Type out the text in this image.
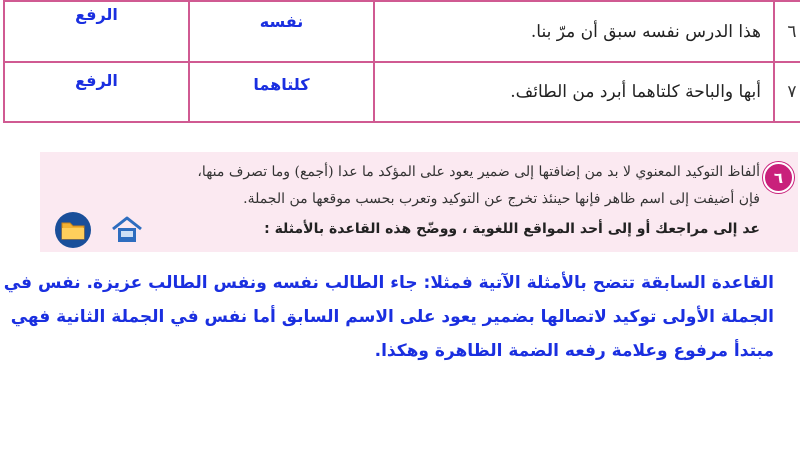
٦	هذا الدرس نفسه سبق أن مرّ بنا.	نفسه	الرفع
٧	أبها والباحة كلتاهما أبرد من الطائف.	كلتاهما	الرفع
٦
ألفاظ التوكيد المعنوي لا بد من إضافتها إلى ضمير يعود على المؤكد ما عدا (أجمع) وما تصرف منها،
فإن أضيفت إلى اسم ظاهر فإنها حينئذ تخرج عن التوكيد وتعرب بحسب موقعها من الجملة.
عد إلى مراجعك أو إلى أحد المواقع اللغوية ، ووضّح هذه القاعدة بالأمثلة :
القاعدة السابقة تتضح بالأمثلة الآتية فمثلا: جاء الطالب نفسه ونفس الطالب عزيزة. نفس في
الجملة الأولى توكيد لاتصالها بضمير يعود على الاسم السابق أما نفس في الجملة الثانية فهي
مبتدأ مرفوع وعلامة رفعه الضمة الظاهرة وهكذا.
